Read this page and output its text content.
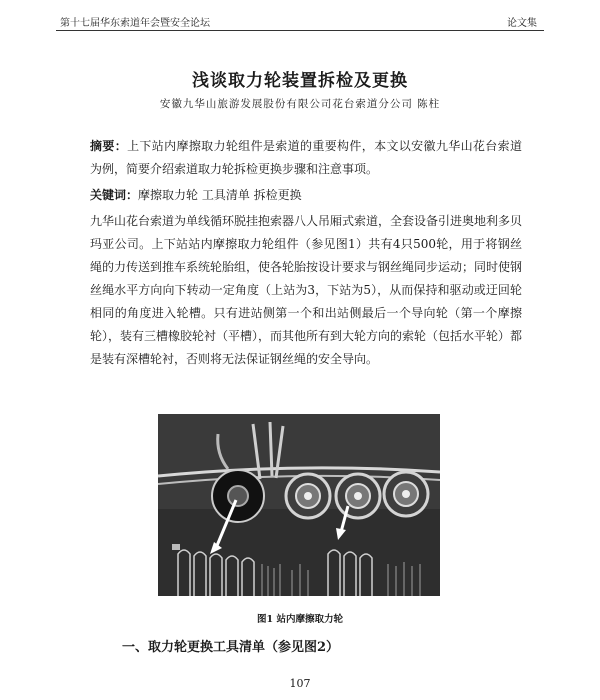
第十七届华东索道年会暨安全论坛	论文集
浅谈取力轮装置拆检及更换
安徽九华山旅游发展股份有限公司花台索道分公司 陈柱
摘要：上下站内摩擦取力轮组件是索道的重要构件，本文以安徽九华山花台索道为例，简要介绍索道取力轮拆检更换步骤和注意事项。
关键词：摩擦取力轮 工具清单 拆检更换
九华山花台索道为单线循环脱挂抱索器八人吊厢式索道，全套设备引进奥地利多贝玛亚公司。上下站站内摩擦取力轮组件（参见图1）共有4只500轮，用于将钢丝绳的力传送到推车系统轮胎组，使各轮胎按设计要求与钢丝绳同步运动；同时使钢丝绳水平方向向下转动一定角度（上站为3，下站为5），从而保持和驱动或迂回轮相同的角度进入轮槽。只有进站侧第一个和出站侧最后一个导向轮（第一个摩擦轮），装有三槽橡胶轮衬（平槽），而其他所有到大轮方向的索轮（包括水平轮）都是装有深槽轮衬，否则将无法保证钢丝绳的安全导向。
图1 站内摩擦取力轮
一、取力轮更换工具清单（参见图2）
107
